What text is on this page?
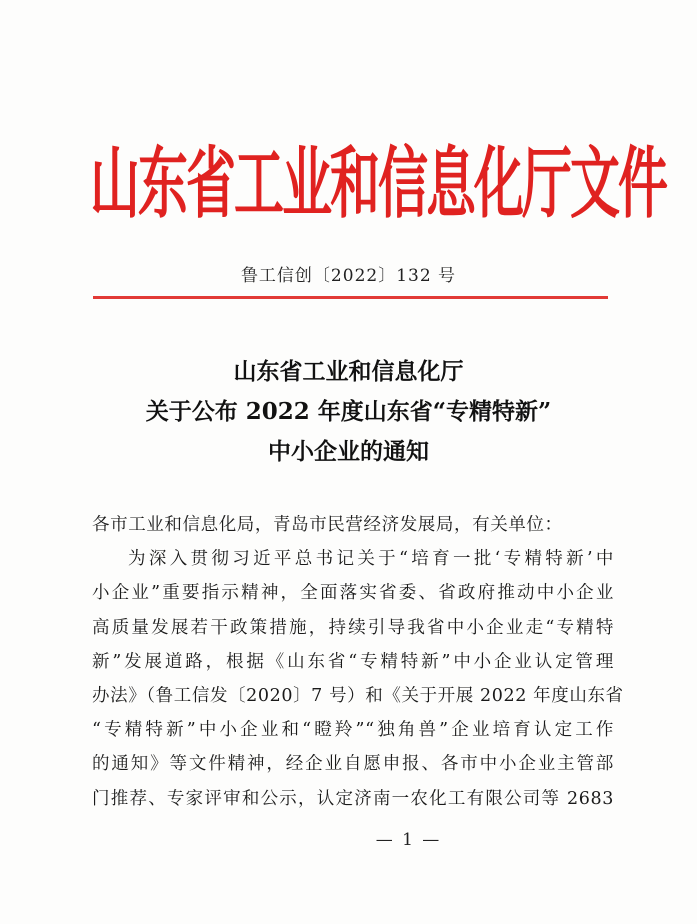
山东省工业和信息化厅文件
鲁工信创〔2022〕132 号
山东省工业和信息化厅
关于公布 2022 年度山东省“专精特新”
中小企业的通知
各市工业和信息化局，青岛市民营经济发展局，有关单位：
为深入贯彻习近平总书记关于“培育一批‘专精特新’中
小企业”重要指示精神，全面落实省委、省政府推动中小企业
高质量发展若干政策措施，持续引导我省中小企业走“专精特
新”发展道路，根据《山东省“专精特新”中小企业认定管理
办法》（鲁工信发〔2020〕7 号）和《关于开展 2022 年度山东省
“专精特新”中小企业和“瞪羚”“独角兽”企业培育认定工作
的通知》等文件精神，经企业自愿申报、各市中小企业主管部
门推荐、专家评审和公示，认定济南一农化工有限公司等 2683
— 1 —
